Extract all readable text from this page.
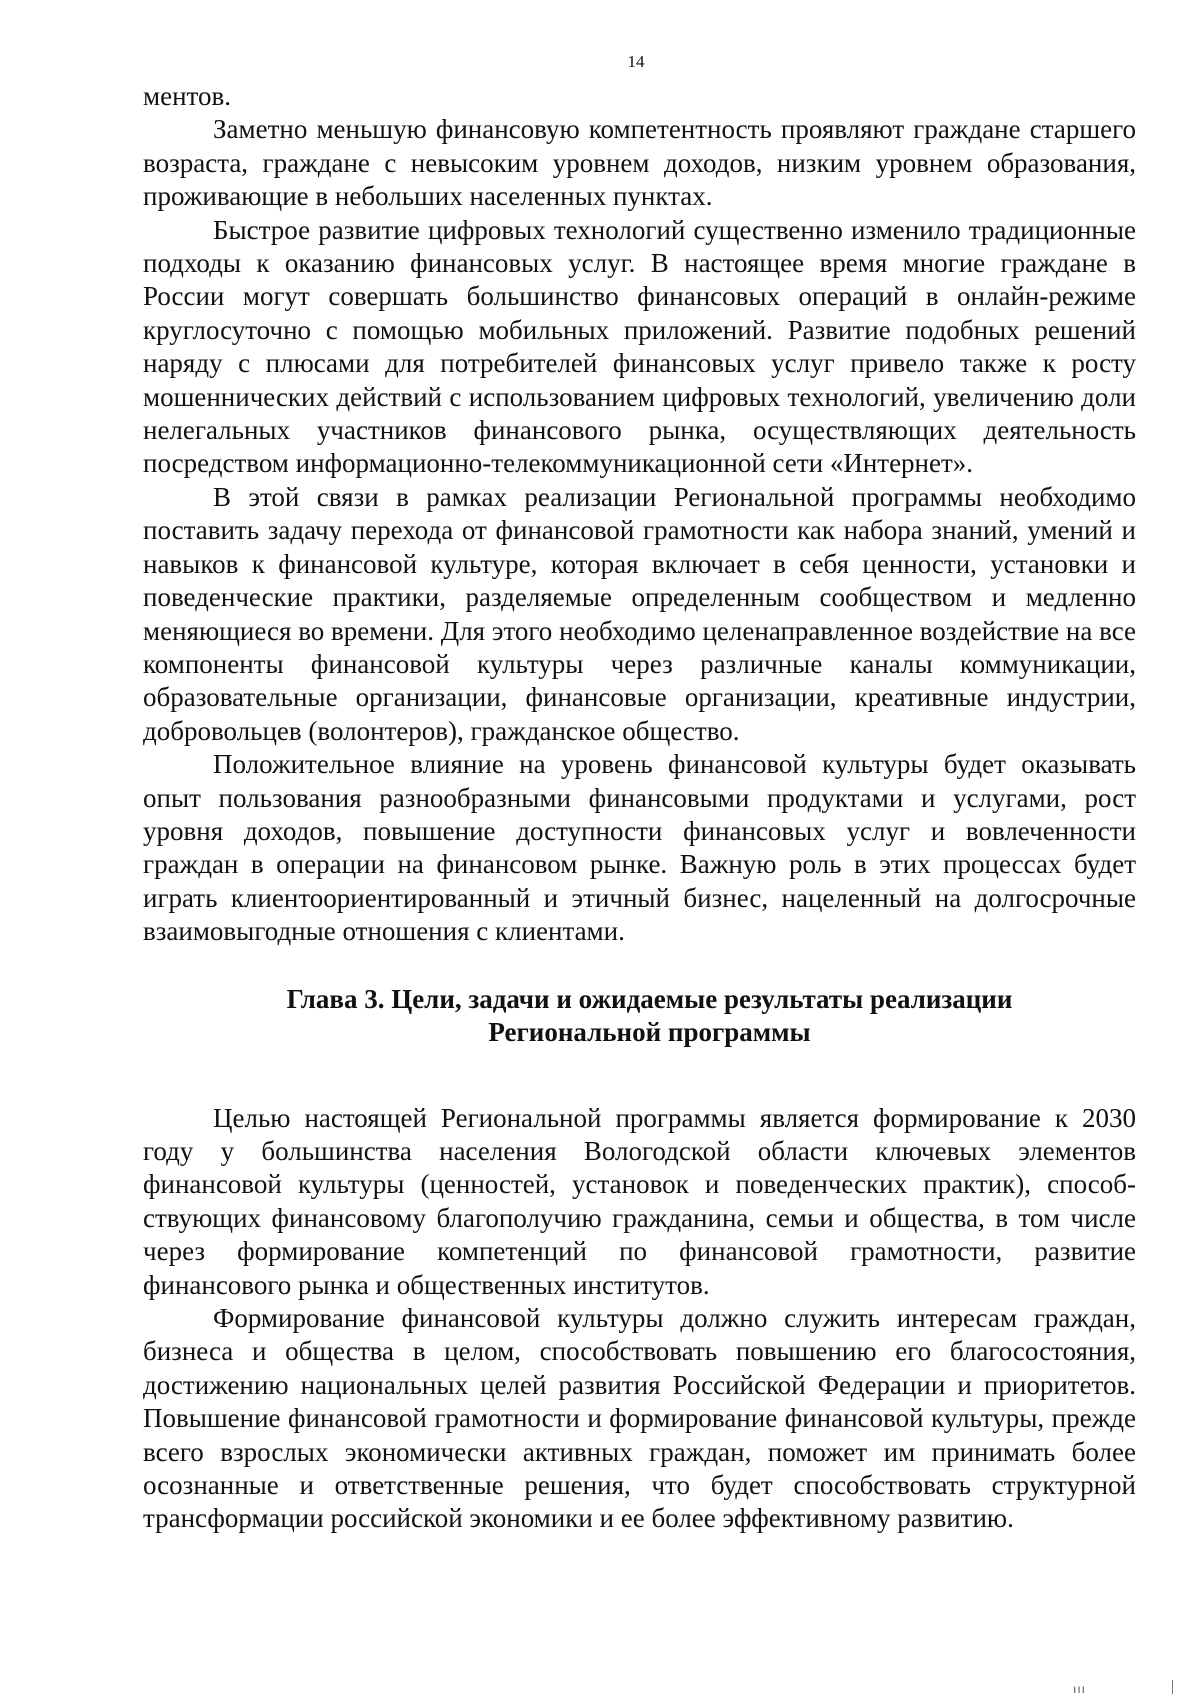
14

ментов.

Заметно меньшую финансовую компетентность проявляют граждане старшего возраста, граждане с невысоким уровнем доходов, низким уровнем образования, проживающие в небольших населенных пунктах.

Быстрое развитие цифровых технологий существенно изменило традиционные подходы к оказанию финансовых услуг. В настоящее время многие граждане в России могут совершать большинство финансовых операций в онлайн-режиме круглосуточно с помощью мобильных приложений. Развитие подобных решений наряду с плюсами для потребителей финансовых услуг привело также к росту мошеннических действий с использованием цифровых технологий, увеличению доли нелегальных участников финансового рынка, осуществляющих деятельность посредством информационно-телекоммуникационной сети «Интернет».

В этой связи в рамках реализации Региональной программы необходимо поставить задачу перехода от финансовой грамотности как набора знаний, умений и навыков к финансовой культуре, которая включает в себя ценности, установки и поведенческие практики, разделяемые определенным сообществом и медленно меняющиеся во времени. Для этого необходимо целенаправленное воздействие на все компоненты финансовой культуры через различные каналы коммуникации, образовательные организации, финансовые организации, креативные индустрии, добровольцев (волонтеров), гражданское общество.

Положительное влияние на уровень финансовой культуры будет оказывать опыт пользования разнообразными финансовыми продуктами и услугами, рост уровня доходов, повышение доступности финансовых услуг и вовлеченности граждан в операции на финансовом рынке. Важную роль в этих процессах будет играть клиентоориентированный и этичный бизнес, нацеленный на долгосрочные взаимовыгодные отношения с клиентами.

Глава 3. Цели, задачи и ожидаемые результаты реализации
Региональной программы

Целью настоящей Региональной программы является формирование к 2030 году у большинства населения Вологодской области ключевых элементов финансовой культуры (ценностей, установок и поведенческих практик), способствующих финансовому благополучию гражданина, семьи и общества, в том числе через формирование компетенций по финансовой грамотности, развитие финансового рынка и общественных институтов.

Формирование финансовой культуры должно служить интересам граждан, бизнеса и общества в целом, способствовать повышению его благосостояния, достижению национальных целей развития Российской Федерации и приоритетов. Повышение финансовой грамотности и формирование финансовой культуры, прежде всего взрослых экономически активных граждан, поможет им принимать более осознанные и ответственные решения, что будет способствовать структурной трансформации российской экономики и ее более эффективному развитию.

ııı
